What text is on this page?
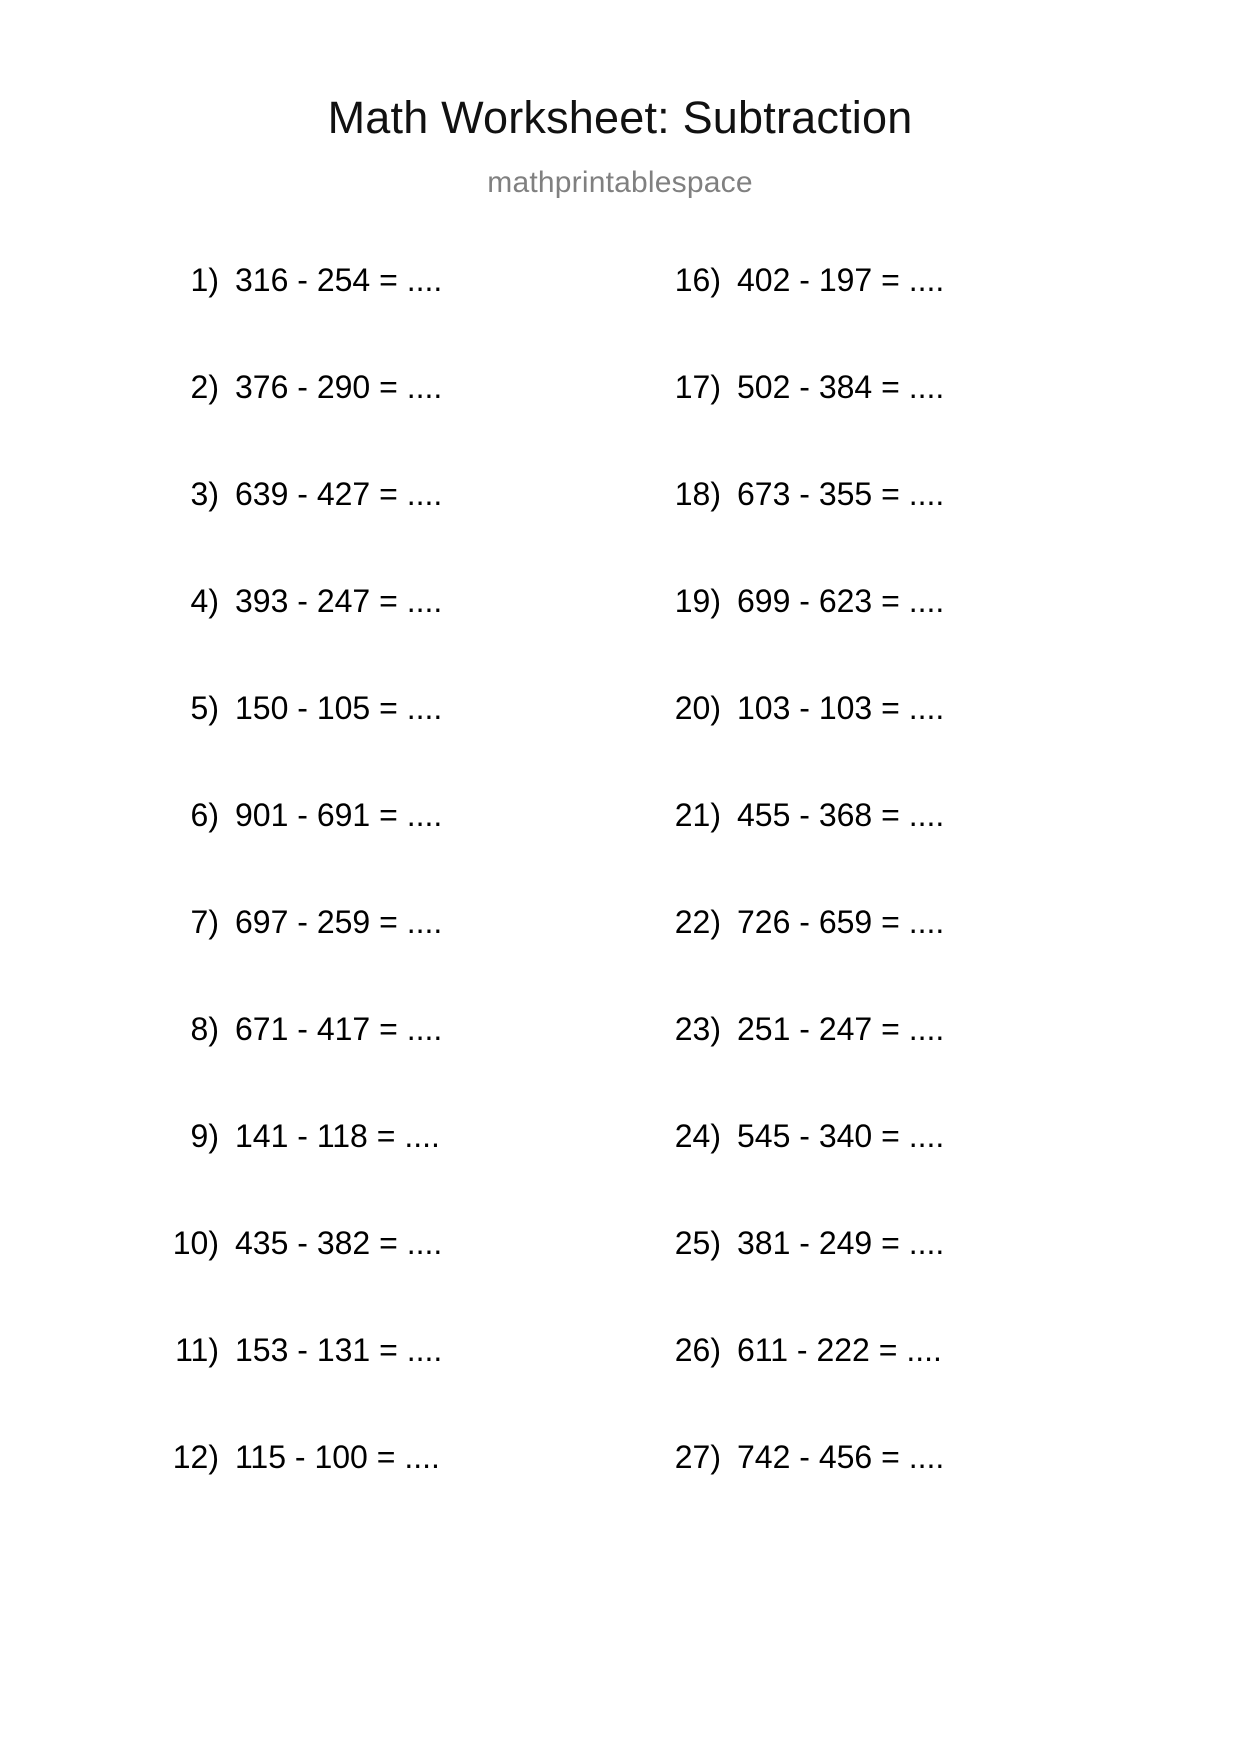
Math Worksheet: Subtraction
mathprintablespace
1) 316 - 254 = ....
2) 376 - 290 = ....
3) 639 - 427 = ....
4) 393 - 247 = ....
5) 150 - 105 = ....
6) 901 - 691 = ....
7) 697 - 259 = ....
8) 671 - 417 = ....
9) 141 - 118 = ....
10) 435 - 382 = ....
11) 153 - 131 = ....
12) 115 - 100 = ....
16) 402 - 197 = ....
17) 502 - 384 = ....
18) 673 - 355 = ....
19) 699 - 623 = ....
20) 103 - 103 = ....
21) 455 - 368 = ....
22) 726 - 659 = ....
23) 251 - 247 = ....
24) 545 - 340 = ....
25) 381 - 249 = ....
26) 611 - 222 = ....
27) 742 - 456 = ....
